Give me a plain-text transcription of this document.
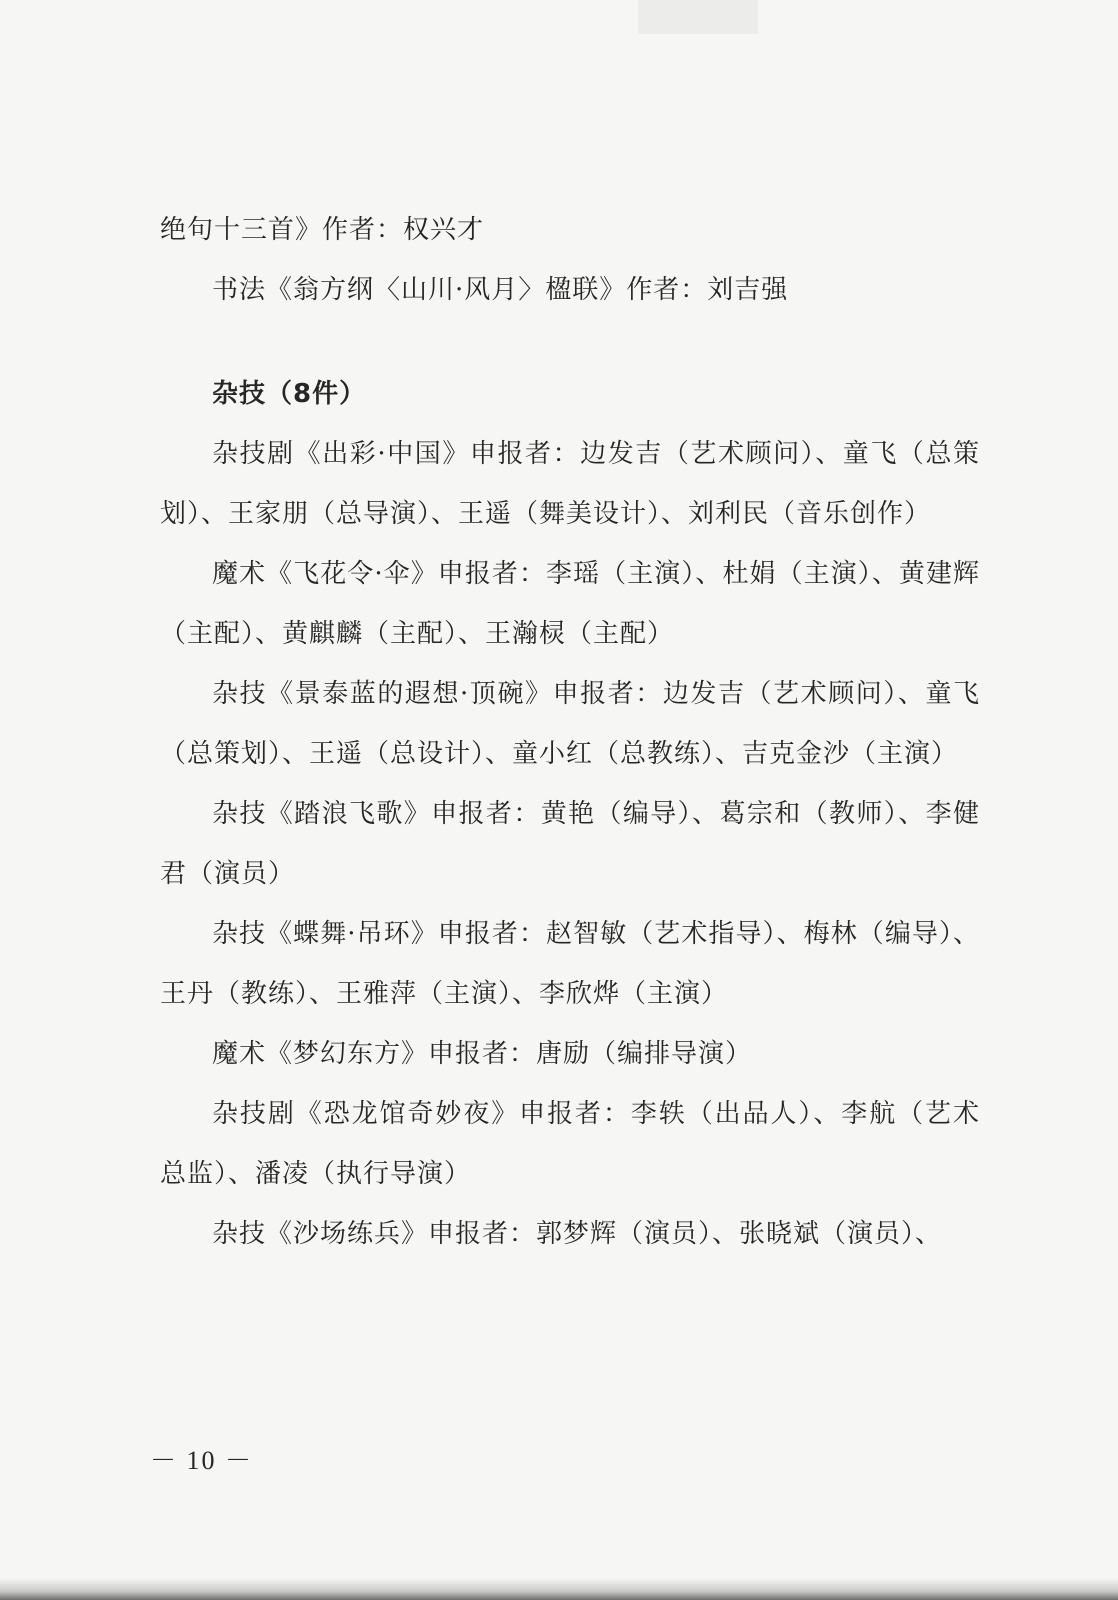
绝句十三首》作者：权兴才

书法《翁方纲〈山川·风月〉楹联》作者：刘吉强

杂技（8件）

杂技剧《出彩·中国》申报者：边发吉（艺术顾问）、童飞（总策划）、王家朋（总导演）、王遥（舞美设计）、刘利民（音乐创作）

魔术《飞花令·伞》申报者：李瑶（主演）、杜娟（主演）、黄建辉（主配）、黄麒麟（主配）、王瀚棂（主配）

杂技《景泰蓝的遐想·顶碗》申报者：边发吉（艺术顾问）、童飞（总策划）、王遥（总设计）、童小红（总教练）、吉克金沙（主演）

杂技《踏浪飞歌》申报者：黄艳（编导）、葛宗和（教师）、李健君（演员）

杂技《蝶舞·吊环》申报者：赵智敏（艺术指导）、梅林（编导）、王丹（教练）、王雅萍（主演）、李欣烨（主演）

魔术《梦幻东方》申报者：唐励（编排导演）

杂技剧《恐龙馆奇妙夜》申报者：李轶（出品人）、李航（艺术总监）、潘凌（执行导演）

杂技《沙场练兵》申报者：郭梦辉（演员）、张晓斌（演员）、

－ 10 －
